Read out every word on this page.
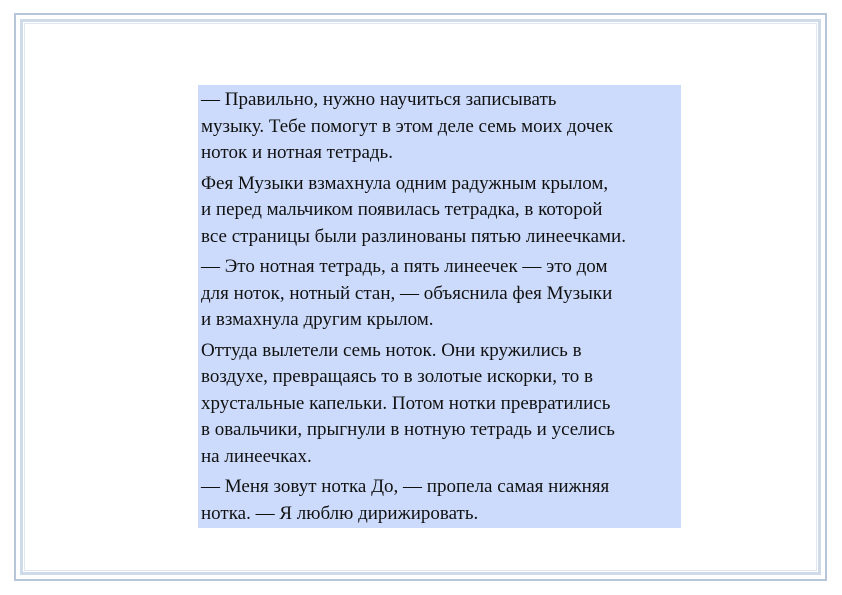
— Правильно, нужно научиться записывать
музыку. Тебе помогут в этом деле семь моих дочек
ноток и нотная тетрадь.

Фея Музыки взмахнула одним радужным крылом,
и перед мальчиком появилась тетрадка, в которой
все страницы были разлинованы пятью линеечками.

— Это нотная тетрадь, а пять линеечек — это дом
для ноток, нотный стан, — объяснила фея Музыки
и взмахнула другим крылом.

Оттуда вылетели семь ноток. Они кружились в
воздухе, превращаясь то в золотые искорки, то в
хрустальные капельки. Потом нотки превратились
в овальчики, прыгнули в нотную тетрадь и уселись
на линеечках.

— Меня зовут нотка До, — пропела самая нижняя
нотка. — Я люблю дирижировать.
